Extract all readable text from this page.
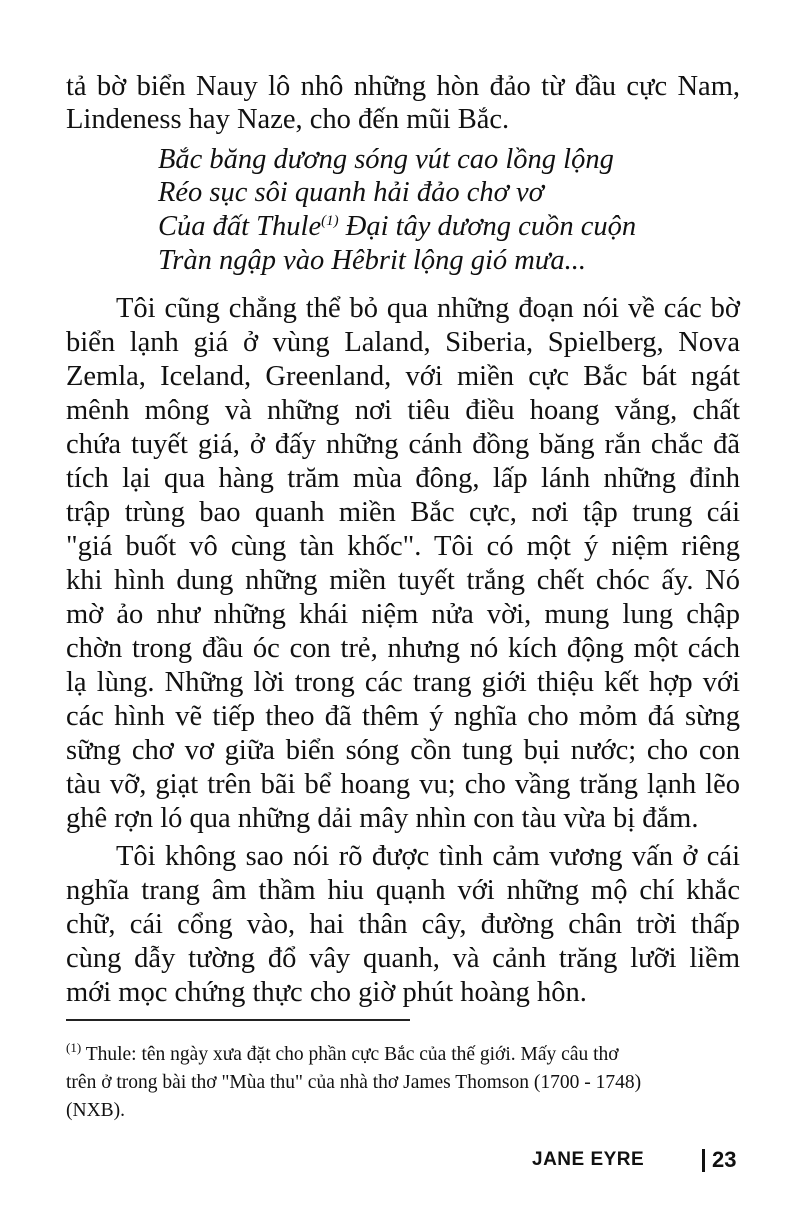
tả bờ biển Nauy lô nhô những hòn đảo từ đầu cực Nam,
Lindeness hay Naze, cho đến mũi Bắc.
Bắc băng dương sóng vút cao lồng lộng
Réo sục sôi quanh hải đảo chơ vơ
Của đất Thule$^{(1)}$ Đại tây dương cuồn cuộn
Tràn ngập vào Hêbrit lộng gió mưa...
Tôi cũng chẳng thể bỏ qua những đoạn nói về các bờ
biển lạnh giá ở vùng Laland, Siberia, Spielberg, Nova
Zemla, Iceland, Greenland, với miền cực Bắc bát ngát
mênh mông và những nơi tiêu điều hoang vắng, chất
chứa tuyết giá, ở đấy những cánh đồng băng rắn chắc đã
tích lại qua hàng trăm mùa đông, lấp lánh những đỉnh
trập trùng bao quanh miền Bắc cực, nơi tập trung cái
"giá buốt vô cùng tàn khốc". Tôi có một ý niệm riêng
khi hình dung những miền tuyết trắng chết chóc ấy. Nó
mờ ảo như những khái niệm nửa vời, mung lung chập
chờn trong đầu óc con trẻ, nhưng nó kích động một cách
lạ lùng. Những lời trong các trang giới thiệu kết hợp với
các hình vẽ tiếp theo đã thêm ý nghĩa cho mỏm đá sừng
sững chơ vơ giữa biển sóng cồn tung bụi nước; cho con
tàu vỡ, giạt trên bãi bể hoang vu; cho vầng trăng lạnh lẽo
ghê rợn ló qua những dải mây nhìn con tàu vừa bị đắm.
Tôi không sao nói rõ được tình cảm vương vấn ở cái
nghĩa trang âm thầm hiu quạnh với những mộ chí khắc
chữ, cái cổng vào, hai thân cây, đường chân trời thấp
cùng dẫy tường đổ vây quanh, và cảnh trăng lưỡi liềm
mới mọc chứng thực cho giờ phút hoàng hôn.
$^{(1)}$ Thule: tên ngày xưa đặt cho phần cực Bắc của thế giới. Mấy câu thơ
trên ở trong bài thơ "Mùa thu" của nhà thơ James Thomson (1700 - 1748)
(NXB).
JANE EYRE	23
